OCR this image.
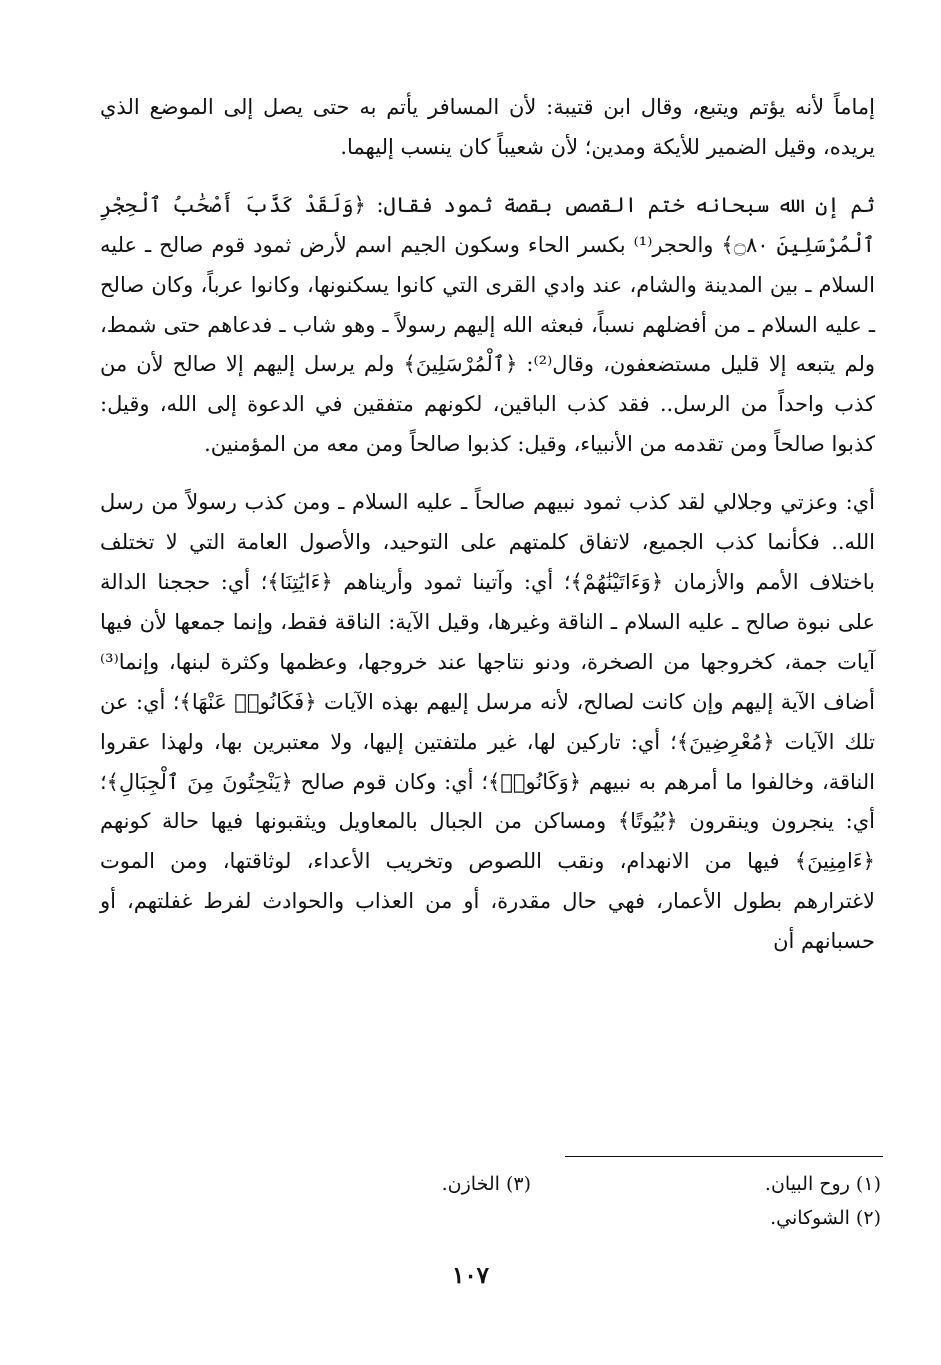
إماماً لأنه يؤتم ويتبع، وقال ابن قتيبة: لأن المسافر يأتم به حتى يصل إلى الموضع الذي يريده، وقيل الضمير للأيكة ومدين؛ لأن شعيباً كان ينسب إليهما.

ثم إن الله سبحانه ختم القصص بقصة ثمود فقال: ﴿وَلَقَدْ كَذَّبَ أَصْحَٰبُ ٱلْحِجْرِ ٱلْمُرْسَلِينَ ۝٨٠﴾ والحجر⁽¹⁾ بكسر الحاء وسكون الجيم اسم لأرض ثمود قوم صالح ـ عليه السلام ـ بين المدينة والشام، عند وادي القرى التي كانوا يسكنونها، وكانوا عرباً، وكان صالح ـ عليه السلام ـ من أفضلهم نسباً، فبعثه الله إليهم رسولاً ـ وهو شاب ـ فدعاهم حتى شمط، ولم يتبعه إلا قليل مستضعفون، وقال⁽²⁾: ﴿ٱلْمُرْسَلِينَ﴾ ولم يرسل إليهم إلا صالح لأن من كذب واحداً من الرسل.. فقد كذب الباقين، لكونهم متفقين في الدعوة إلى الله، وقيل: كذبوا صالحاً ومن تقدمه من الأنبياء، وقيل: كذبوا صالحاً ومن معه من المؤمنين.

أي: وعزتي وجلالي لقد كذب ثمود نبيهم صالحاً ـ عليه السلام ـ ومن كذب رسولاً من رسل الله.. فكأنما كذب الجميع، لاتفاق كلمتهم على التوحيد، والأصول العامة التي لا تختلف باختلاف الأمم والأزمان ﴿وَءَاتَيْنَٰهُمْ﴾؛ أي: وآتينا ثمود وأريناهم ﴿ءَايَٰتِنَا﴾؛ أي: حججنا الدالة على نبوة صالح ـ عليه السلام ـ الناقة وغيرها، وقيل الآية: الناقة فقط، وإنما جمعها لأن فيها آيات جمة، كخروجها من الصخرة، ودنو نتاجها عند خروجها، وعظمها وكثرة لبنها، وإنما⁽³⁾ أضاف الآية إليهم وإن كانت لصالح، لأنه مرسل إليهم بهذه الآيات ﴿فَكَانُوا۟ عَنْهَا﴾؛ أي: عن تلك الآيات ﴿مُعْرِضِينَ﴾؛ أي: تاركين لها، غير ملتفتين إليها، ولا معتبرين بها، ولهذا عقروا الناقة، وخالفوا ما أمرهم به نبيهم ﴿وَكَانُوا۟﴾؛ أي: وكان قوم صالح ﴿يَنْحِتُونَ مِنَ ٱلْجِبَالِ﴾؛ أي: ينجرون وينقرون ﴿بُيُوتًا﴾ ومساكن من الجبال بالمعاويل ويثقبونها فيها حالة كونهم ﴿ءَامِنِينَ﴾ فيها من الانهدام، ونقب اللصوص وتخريب الأعداء، لوثاقتها، ومن الموت لاغترارهم بطول الأعمار، فهي حال مقدرة، أو من العذاب والحوادث لفرط غفلتهم، أو حسبانهم أن

(١) روح البيان.
(٢) الشوكاني.
(٣) الخازن.
١٠٧
